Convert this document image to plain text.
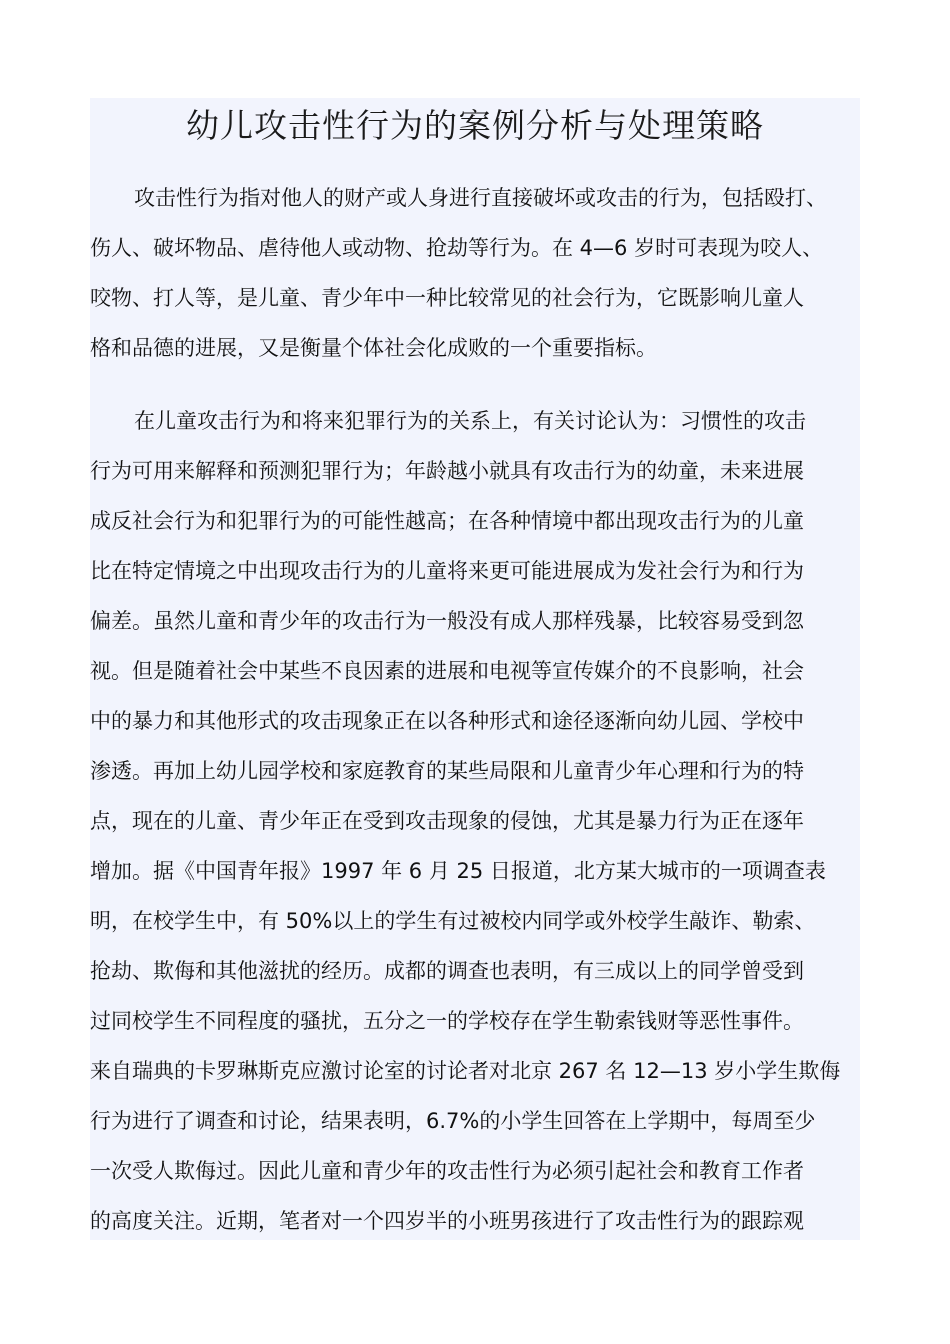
幼儿攻击性行为的案例分析与处理策略
攻击性行为指对他人的财产或人身进行直接破坏或攻击的行为，包括殴打、
伤人、破坏物品、虐待他人或动物、抢劫等行为。在 4—6 岁时可表现为咬人、
咬物、打人等，是儿童、青少年中一种比较常见的社会行为，它既影响儿童人
格和品德的进展，又是衡量个体社会化成败的一个重要指标。
在儿童攻击行为和将来犯罪行为的关系上，有关讨论认为：习惯性的攻击
行为可用来解释和预测犯罪行为；年龄越小就具有攻击行为的幼童，未来进展
成反社会行为和犯罪行为的可能性越高；在各种情境中都出现攻击行为的儿童
比在特定情境之中出现攻击行为的儿童将来更可能进展成为发社会行为和行为
偏差。虽然儿童和青少年的攻击行为一般没有成人那样残暴，比较容易受到忽
视。但是随着社会中某些不良因素的进展和电视等宣传媒介的不良影响，社会
中的暴力和其他形式的攻击现象正在以各种形式和途径逐渐向幼儿园、学校中
渗透。再加上幼儿园学校和家庭教育的某些局限和儿童青少年心理和行为的特
点，现在的儿童、青少年正在受到攻击现象的侵蚀，尤其是暴力行为正在逐年
增加。据《中国青年报》1997 年 6 月 25 日报道，北方某大城市的一项调查表
明，在校学生中，有 50%以上的学生有过被校内同学或外校学生敲诈、勒索、
抢劫、欺侮和其他滋扰的经历。成都的调查也表明，有三成以上的同学曾受到
过同校学生不同程度的骚扰，五分之一的学校存在学生勒索钱财等恶性事件。
来自瑞典的卡罗琳斯克应激讨论室的讨论者对北京 267 名 12—13 岁小学生欺侮
行为进行了调查和讨论，结果表明，6.7%的小学生回答在上学期中，每周至少
一次受人欺侮过。因此儿童和青少年的攻击性行为必须引起社会和教育工作者
的高度关注。近期，笔者对一个四岁半的小班男孩进行了攻击性行为的跟踪观
